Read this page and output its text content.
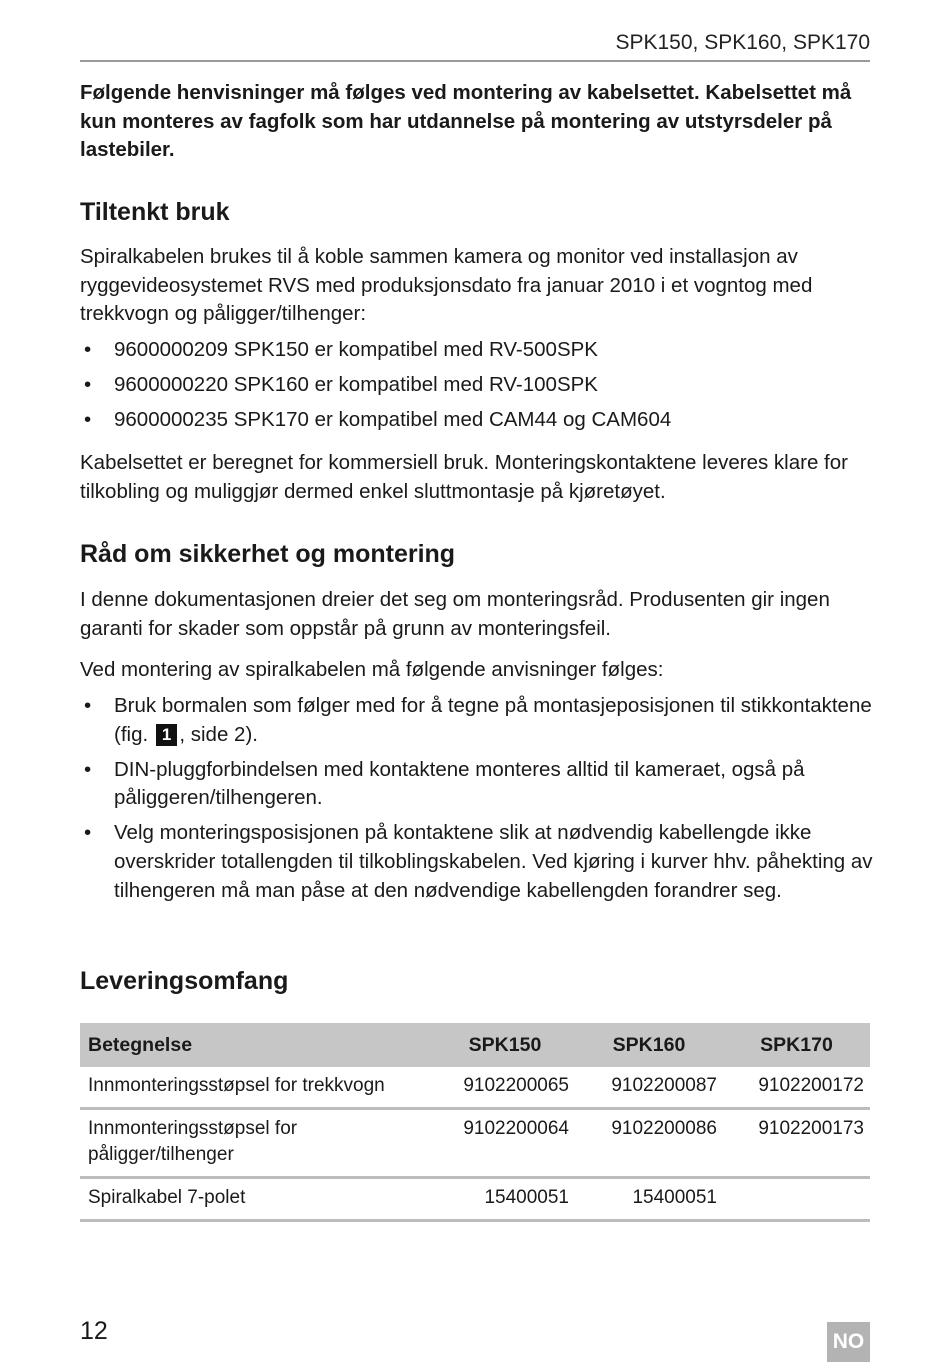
SPK150, SPK160, SPK170

Følgende henvisninger må følges ved montering av kabelsettet. Kabelsettet må kun monteres av fagfolk som har utdannelse på montering av utstyrsdeler på lastebiler.

Tiltenkt bruk

Spiralkabelen brukes til å koble sammen kamera og monitor ved installasjon av ryggevideosystemet RVS med produksjonsdato fra januar 2010 i et vogntog med trekkvogn og påligger/tilhenger:

• 9600000209 SPK150 er kompatibel med RV-500SPK
• 9600000220 SPK160 er kompatibel med RV-100SPK
• 9600000235 SPK170 er kompatibel med CAM44 og CAM604

Kabelsettet er beregnet for kommersiell bruk. Monteringskontaktene leveres klare for tilkobling og muliggjør dermed enkel sluttmontasje på kjøretøyet.

Råd om sikkerhet og montering

I denne dokumentasjonen dreier det seg om monteringsråd. Produsenten gir ingen garanti for skader som oppstår på grunn av monteringsfeil.

Ved montering av spiralkabelen må følgende anvisninger følges:

• Bruk bormalen som følger med for å tegne på montasjeposisjonen til stikkontaktene (fig. 1 , side 2).
• DIN-pluggforbindelsen med kontaktene monteres alltid til kameraet, også på påliggeren/tilhengeren.
• Velg monteringsposisjonen på kontaktene slik at nødvendig kabellengde ikke overskrider totallengden til tilkoblingskabelen. Ved kjøring i kurver hhv. påhekting av tilhengeren må man påse at den nødvendige kabellengden forandrer seg.
Leveringsomfang
Betegnelse	SPK150	SPK160	SPK170
Innmonteringsstøpsel for trekkvogn	9102200065	9102200087	9102200172
Innmonteringsstøpsel for påligger/tilhenger	9102200064	9102200086	9102200173
Spiralkabel 7-polet	15400051	15400051	
12	NO
